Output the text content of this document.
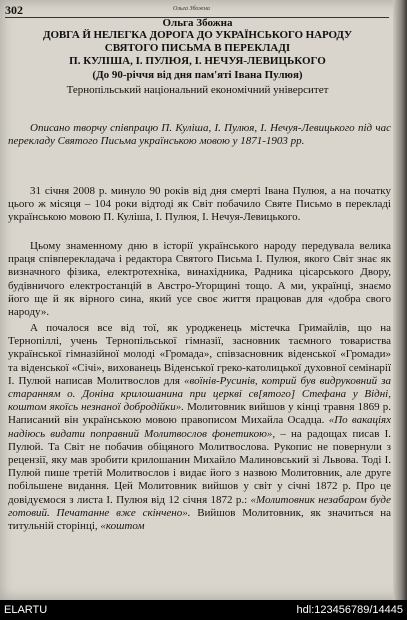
302	Ольга Збожна
Ольга Збожна
ДОВГА Й НЕЛЕГКА ДОРОГА ДО УКРАЇНСЬКОГО НАРОДУ
СВЯТОГО ПИСЬМА В ПЕРЕКЛАДІ
П. КУЛІША, І. ПУЛЮЯ, І. НЕЧУЯ-ЛЕВИЦЬКОГО
(До 90-річчя від дня пам'яті Івана Пулюя)
Тернопільський національний економічний університет
Описано творчу співпрацю П. Куліша, І. Пулюя, І. Нечуя-Левицького під час перекладу Святого Письма українською мовою у 1871-1903 рр.
31 січня 2008 р. минуло 90 років від дня смерті Івана Пулюя, а на початку цього ж місяця – 104 роки відтоді як Світ побачило Святе Письмо в перекладі українською мовою П. Куліша, І. Пулюя, І. Нечуя-Левицького.
Цьому знаменному дню в історії українського народу передувала велика праця співперекладача і редактора Святого Письма І. Пулюя, якого Світ знає як визначного фізика, електротехніка, винахідника, Радника цісарського Двору, будівничого електростанцій в Австро-Угорщині тощо. А ми, українці, знаємо його ще й як вірного сина, який усе своє життя працював для «добра свого народу».
А почалося все від тої, як уродженець містечка Гримайлів, що на Тернопіллі, учень Тернопільської гімназії, засновник таємного товариства української гімназійної молоді «Громада», співзасновник віденської «Громади» та віденської «Січі», вихованець Віденської греко-католицької духовної семінарії І. Пулюй написав Молитвослов для «воїнів-Русинів, котрий був видруковний за старанням о. Доніна крилошанина при церкві св[ятого] Стефана у Відні, коштом якоїсь незнаної добродійки». Молитовник вийшов у кінці травня 1869 р. Написаний він українською мовою правописом Михайла Осадца. «По вакаціях надіюсь видати поправний Молитвослов фонетикою», – на радощах писав І. Пулюй. Та Світ не побачив обіцяного Молитвослова. Рукопис не повернули з рецензії, яку мав зробити крилошанин Михайло Малиновський зі Львова. Тоді І. Пулюй пише третій Молитвослов і видає його з назвою Молитовник, але друге побільшене видання. Цей Молитовник вийшов у світ у січні 1872 р. Про це довідуємося з листа І. Пулюя від 12 січня 1872 р.: «Молитовник незабаром буде готовий. Печатанне вже скінчено». Вийшов Молитовник, як значиться на титульній сторінці, «коштом
ELARTU	hdl:123456789/14445
